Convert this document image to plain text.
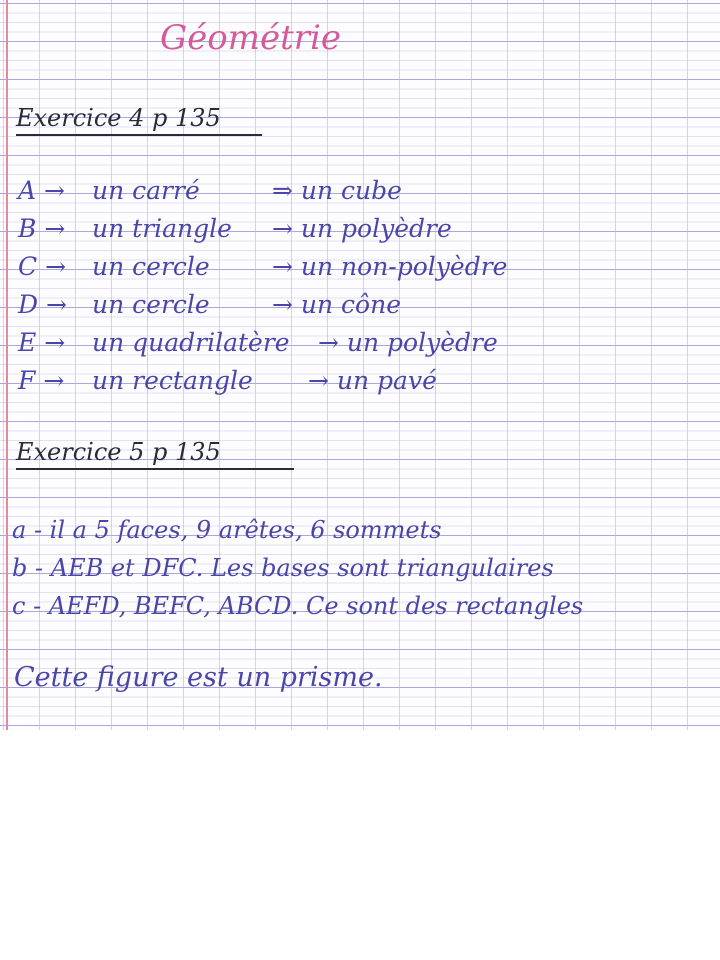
Géométrie
Exercice 4 p 135
A → un carré	⇒ un cube
B → un triangle → un polyèdre
C → un cercle → un non-polyèdre
D → un cercle → un cône
E → un quadrilatère → un polyèdre
F → un rectangle → un pavé
Exercice 5 p 135
a - il a 5 faces, 9 arêtes, 6 sommets
b - AEB et DFC. Les bases sont triangulaires
c - AEFD, BEFC, ABCD. Ce sont des rectangles
Cette figure est un prisme.
